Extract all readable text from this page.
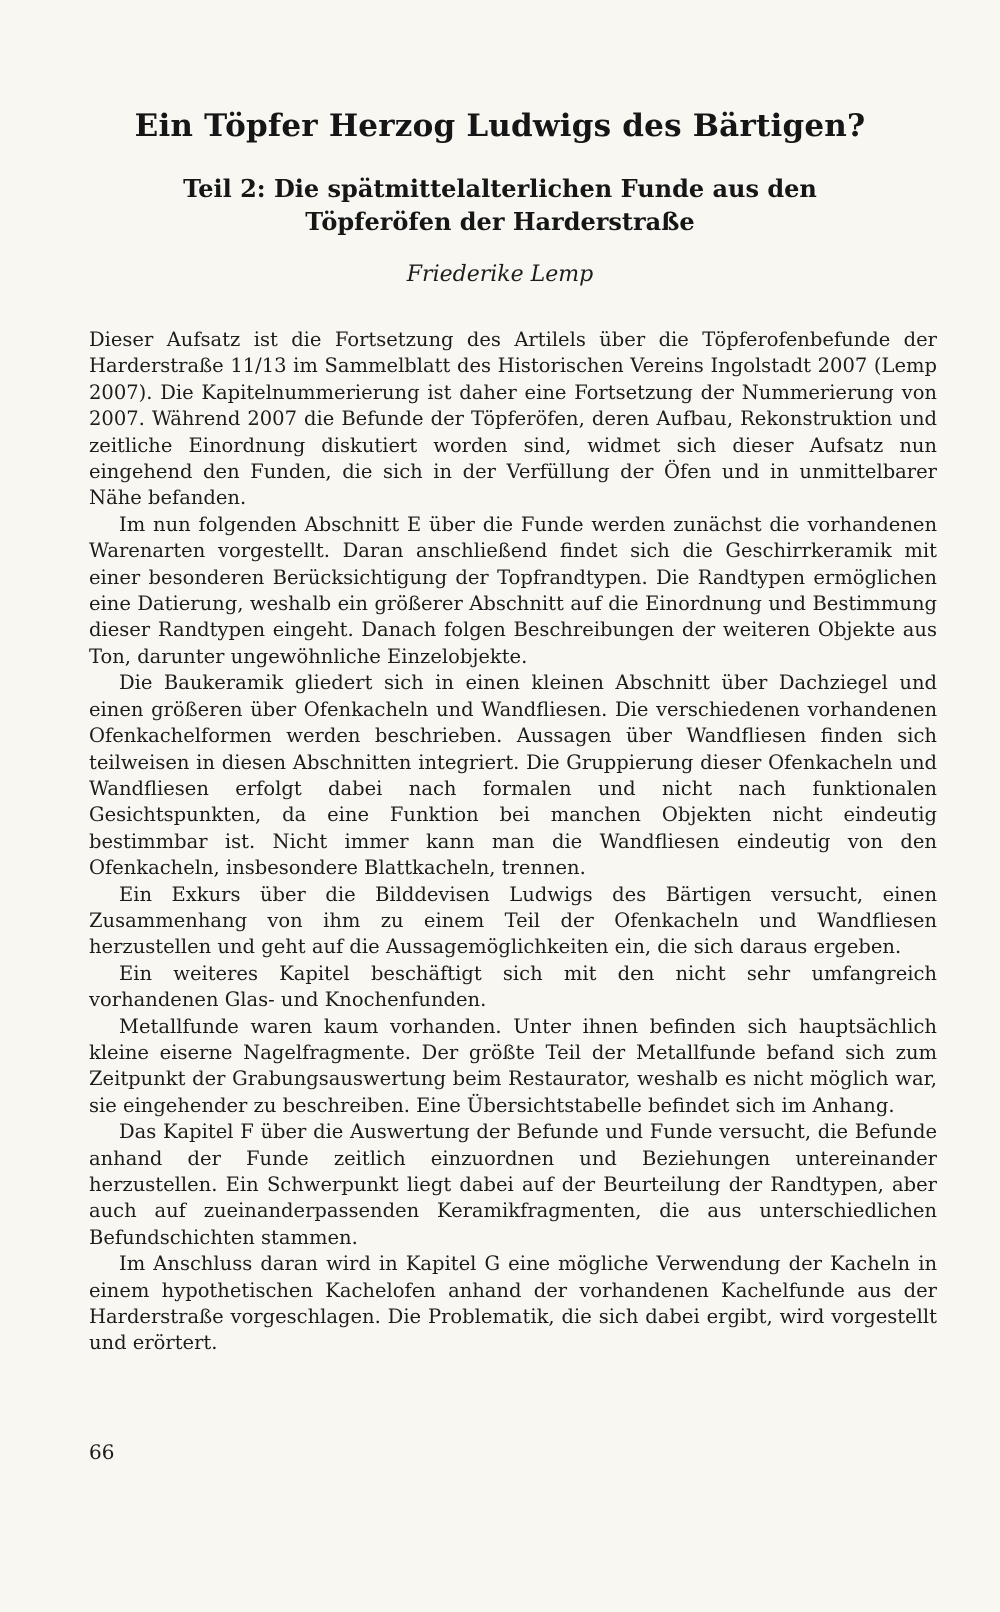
Ein Töpfer Herzog Ludwigs des Bärtigen?
Teil 2: Die spätmittelalterlichen Funde aus den Töpferöfen der Harderstraße
Friederike Lemp

Dieser Aufsatz ist die Fortsetzung des Artilels über die Töpferofenbefunde der Harderstraße 11/13 im Sammelblatt des Historischen Vereins Ingolstadt 2007 (Lemp 2007). Die Kapitelnummerierung ist daher eine Fortsetzung der Nummerierung von 2007. Während 2007 die Befunde der Töpferöfen, deren Aufbau, Rekonstruktion und zeitliche Einordnung diskutiert worden sind, widmet sich dieser Aufsatz nun eingehend den Funden, die sich in der Verfüllung der Öfen und in unmittelbarer Nähe befanden.

Im nun folgenden Abschnitt E über die Funde werden zunächst die vorhandenen Warenarten vorgestellt. Daran anschließend findet sich die Geschirrkeramik mit einer besonderen Berücksichtigung der Topfrandtypen. Die Randtypen ermöglichen eine Datierung, weshalb ein größerer Abschnitt auf die Einordnung und Bestimmung dieser Randtypen eingeht. Danach folgen Beschreibungen der weiteren Objekte aus Ton, darunter ungewöhnliche Einzelobjekte.

Die Baukeramik gliedert sich in einen kleinen Abschnitt über Dachziegel und einen größeren über Ofenkacheln und Wandfliesen. Die verschiedenen vorhandenen Ofenkachelformen werden beschrieben. Aussagen über Wandfliesen finden sich teilweisen in diesen Abschnitten integriert. Die Gruppierung dieser Ofenkacheln und Wandfliesen erfolgt dabei nach formalen und nicht nach funktionalen Gesichtspunkten, da eine Funktion bei manchen Objekten nicht eindeutig bestimmbar ist. Nicht immer kann man die Wandfliesen eindeutig von den Ofenkacheln, insbesondere Blattkacheln, trennen.

Ein Exkurs über die Bilddevisen Ludwigs des Bärtigen versucht, einen Zusammenhang von ihm zu einem Teil der Ofenkacheln und Wandfliesen herzustellen und geht auf die Aussagemöglichkeiten ein, die sich daraus ergeben.

Ein weiteres Kapitel beschäftigt sich mit den nicht sehr umfangreich vorhandenen Glas- und Knochenfunden.

Metallfunde waren kaum vorhanden. Unter ihnen befinden sich hauptsächlich kleine eiserne Nagelfragmente. Der größte Teil der Metallfunde befand sich zum Zeitpunkt der Grabungsauswertung beim Restaurator, weshalb es nicht möglich war, sie eingehender zu beschreiben. Eine Übersichtstabelle befindet sich im Anhang.

Das Kapitel F über die Auswertung der Befunde und Funde versucht, die Befunde anhand der Funde zeitlich einzuordnen und Beziehungen untereinander herzustellen. Ein Schwerpunkt liegt dabei auf der Beurteilung der Randtypen, aber auch auf zueinanderpassenden Keramikfragmenten, die aus unterschiedlichen Befundschichten stammen.

Im Anschluss daran wird in Kapitel G eine mögliche Verwendung der Kacheln in einem hypothetischen Kachelofen anhand der vorhandenen Kachelfunde aus der Harderstraße vorgeschlagen. Die Problematik, die sich dabei ergibt, wird vorgestellt und erörtert.

66
